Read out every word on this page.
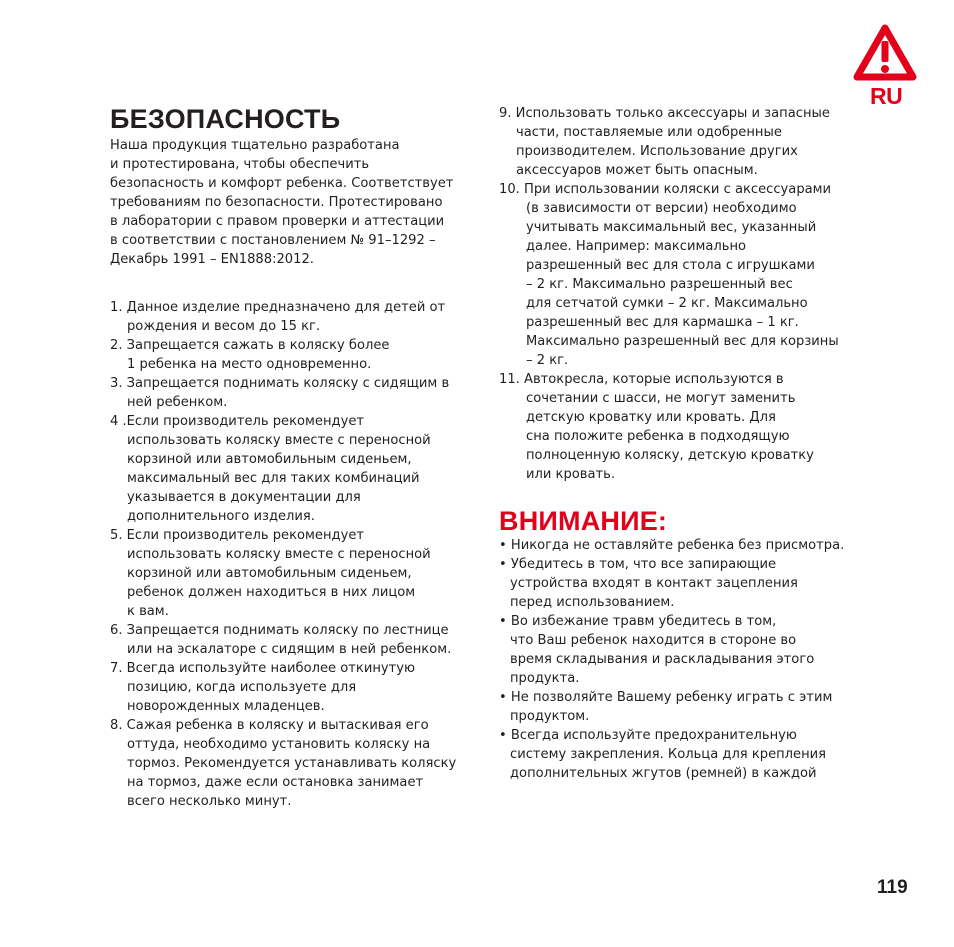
RU
БЕЗОПАСНОСТЬ

Наша продукция тщательно разработана
и протестирована, чтобы обеспечить
безопасность и комфорт ребенка. Соответствует
требованиям по безопасности. Протестировано
в лаборатории с правом проверки и аттестации
в соответствии с постановлением № 91–1292 –
Декабрь 1991 – EN1888:2012.

1. Данное изделие предназначено для детей от
рождения и весом до 15 кг.
2. Запрещается сажать в коляску более
1 ребенка на место одновременно.
3. Запрещается поднимать коляску с сидящим в
ней ребенком.
4 .Если производитель рекомендует
использовать коляску вместе с переносной
корзиной или автомобильным сиденьем,
максимальный вес для таких комбинаций
указывается в документации для
дополнительного изделия.
5. Если производитель рекомендует
использовать коляску вместе с переносной
корзиной или автомобильным сиденьем,
ребенок должен находиться в них лицом
к вам.
6. Запрещается поднимать коляску по лестнице
или на эскалаторе с сидящим в ней ребенком.
7. Всегда используйте наиболее откинутую
позицию, когда используете для
новорожденных младенцев.
8. Сажая ребенка в коляску и вытаскивая его
оттуда, необходимо установить коляску на
тормоз. Рекомендуется устанавливать коляску
на тормоз, даже если остановка занимает
всего несколько минут.
9. Использовать только аксессуары и запасные
части, поставляемые или одобренные
производителем. Использование других
аксессуаров может быть опасным.
10. При использовании коляски с аксессуарами
(в зависимости от версии) необходимо
учитывать максимальный вес, указанный
далее. Например: максимально
разрешенный вес для стола с игрушками
– 2 кг. Максимально разрешенный вес
для сетчатой сумки – 2 кг. Максимально
разрешенный вес для кармашка – 1 кг.
Максимально разрешенный вес для корзины
– 2 кг.
11. Автокресла, которые используются в
сочетании с шасси, не могут заменить
детскую кроватку или кровать. Для
сна положите ребенка в подходящую
полноценную коляску, детскую кроватку
или кровать.
ВНИМАНИЕ:
• Никогда не оставляйте ребенка без присмотра.
• Убедитесь в том, что все запирающие
устройства входят в контакт зацепления
перед использованием.
• Во избежание травм убедитесь в том,
что Ваш ребенок находится в стороне во
время складывания и раскладывания этого
продукта.
• Не позволяйте Вашему ребенку играть с этим
продуктом.
• Всегда используйте предохранительную
систему закрепления. Кольца для крепления
дополнительных жгутов (ремней) в каждой
119
